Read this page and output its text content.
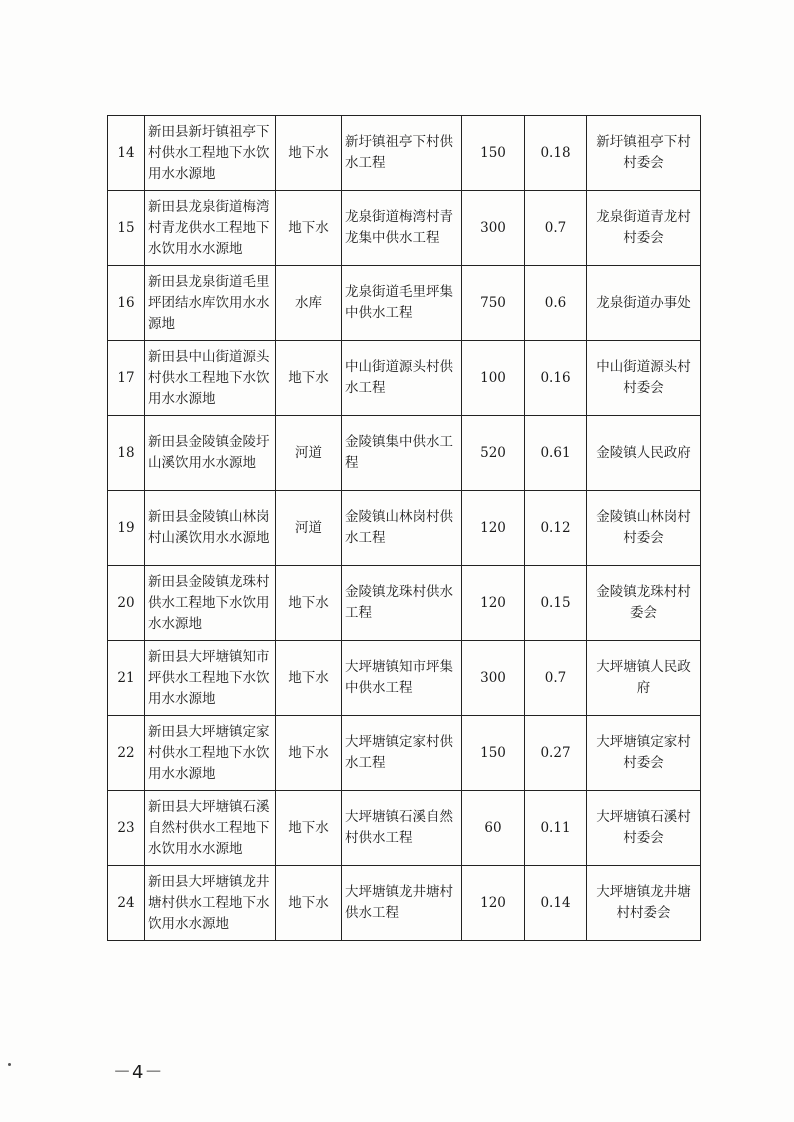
14	新田县新圩镇祖亭下村供水工程地下水饮用水水源地	地下水	新圩镇祖亭下村供水工程	150	0.18	新圩镇祖亭下村村委会
15	新田县龙泉街道梅湾村青龙供水工程地下水饮用水水源地	地下水	龙泉街道梅湾村青龙集中供水工程	300	0.7	龙泉街道青龙村村委会
16	新田县龙泉街道毛里坪团结水库饮用水水源地	水库	龙泉街道毛里坪集中供水工程	750	0.6	龙泉街道办事处
17	新田县中山街道源头村供水工程地下水饮用水水源地	地下水	中山街道源头村供水工程	100	0.16	中山街道源头村村委会
18	新田县金陵镇金陵圩山溪饮用水水源地	河道	金陵镇集中供水工程	520	0.61	金陵镇人民政府
19	新田县金陵镇山林岗村山溪饮用水水源地	河道	金陵镇山林岗村供水工程	120	0.12	金陵镇山林岗村村委会
20	新田县金陵镇龙珠村供水工程地下水饮用水水源地	地下水	金陵镇龙珠村供水工程	120	0.15	金陵镇龙珠村村委会
21	新田县大坪塘镇知市坪供水工程地下水饮用水水源地	地下水	大坪塘镇知市坪集中供水工程	300	0.7	大坪塘镇人民政府
22	新田县大坪塘镇定家村供水工程地下水饮用水水源地	地下水	大坪塘镇定家村供水工程	150	0.27	大坪塘镇定家村村委会
23	新田县大坪塘镇石溪自然村供水工程地下水饮用水水源地	地下水	大坪塘镇石溪自然村供水工程	60	0.11	大坪塘镇石溪村村委会
24	新田县大坪塘镇龙井塘村供水工程地下水饮用水水源地	地下水	大坪塘镇龙井塘村供水工程	120	0.14	大坪塘镇龙井塘村村委会
－4－
